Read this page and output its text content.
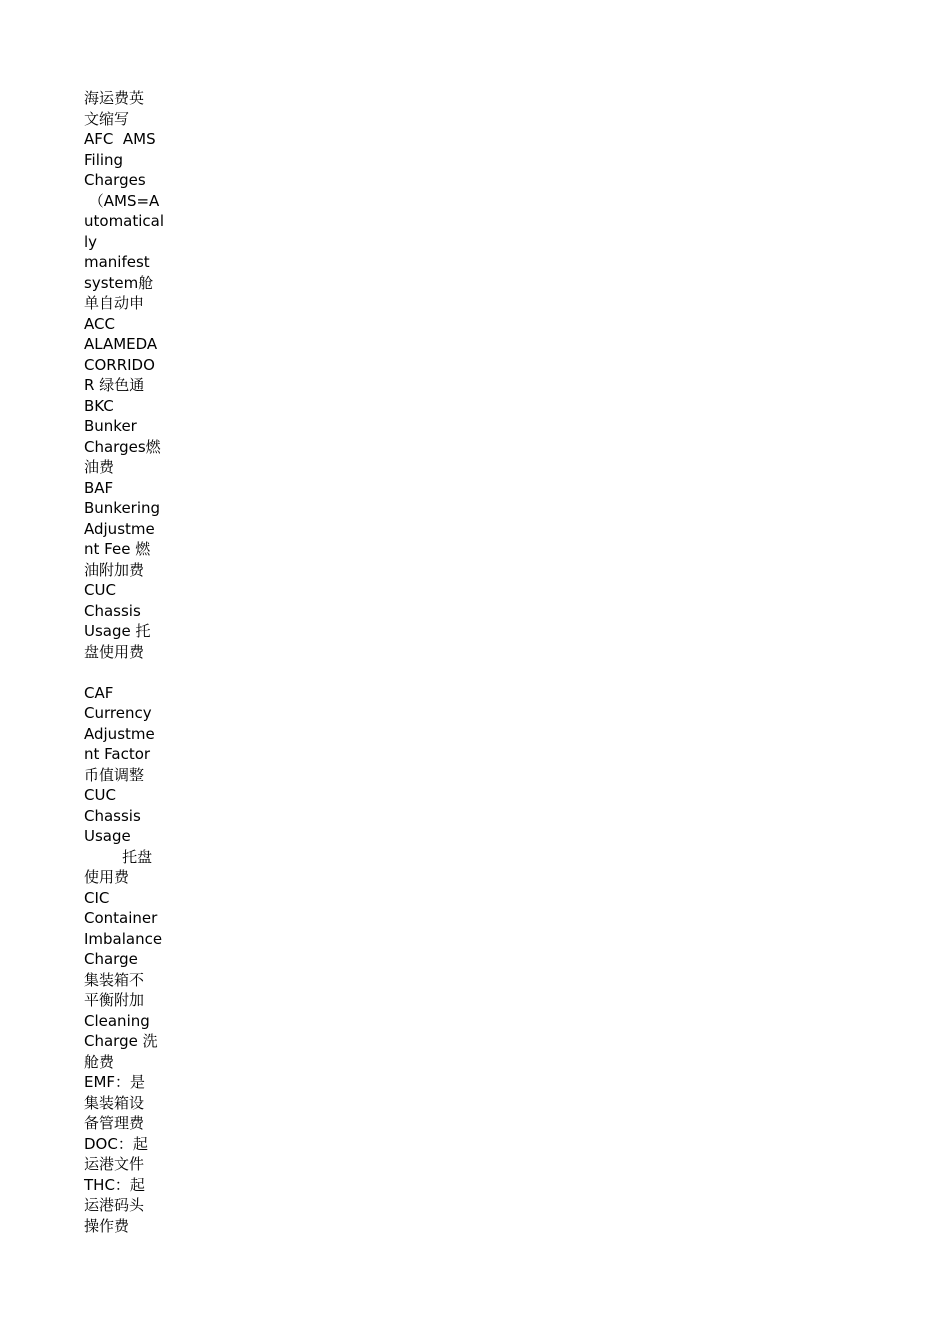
海运费英
文缩写
AFC  AMS
Filing
Charges
（AMS=A
utomatical
ly
manifest
system舱
单自动申
ACC
ALAMEDA
CORRIDO
R 绿色通
BKC
Bunker
Charges燃
油费
BAF
Bunkering
Adjustme
nt Fee 燃
油附加费
CUC
Chassis
Usage 托
盘使用费
CAF
Currency
Adjustme
nt Factor
币值调整
CUC
Chassis
Usage
托盘
使用费
CIC
Container
Imbalance
Charge
集装箱不
平衡附加
Cleaning
Charge 洗
舱费
EMF：是
集装箱设
备管理费
DOC：起
运港文件
THC：起
运港码头
操作费
